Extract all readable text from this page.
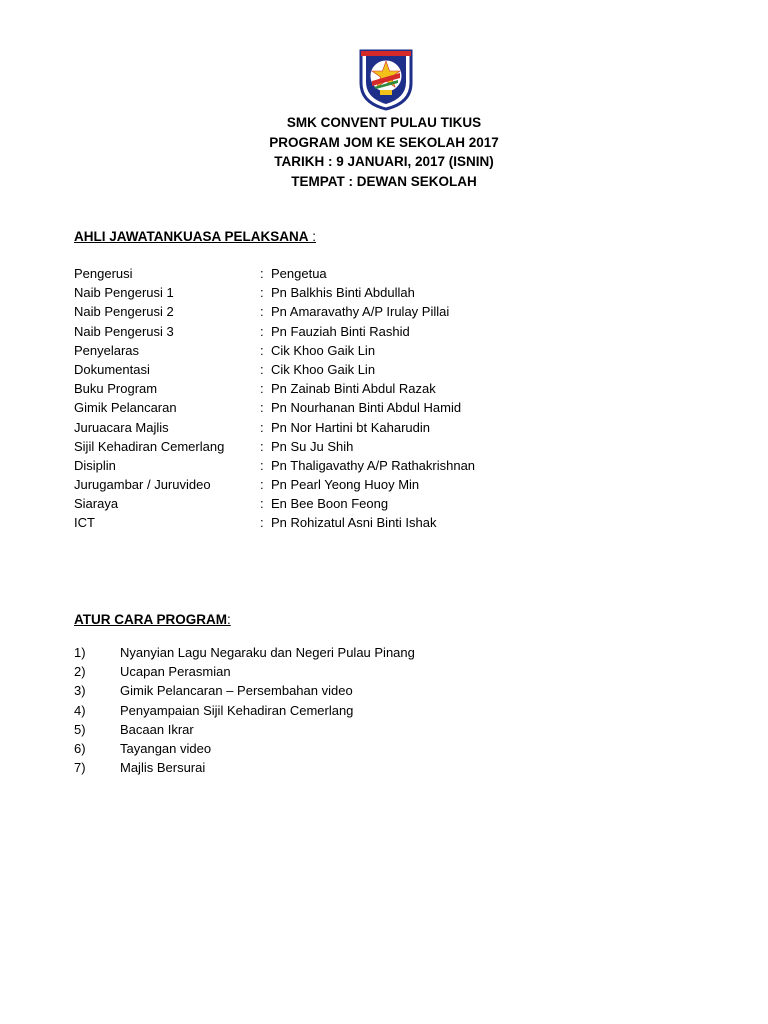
SMK CONVENT PULAU TIKUS
PROGRAM JOM KE SEKOLAH 2017
TARIKH : 9 JANUARI, 2017 (ISNIN)
TEMPAT : DEWAN SEKOLAH
AHLI JAWATANKUASA PELAKSANA :
Pengerusi	: Pengetua
Naib Pengerusi 1	: Pn Balkhis Binti Abdullah
Naib Pengerusi 2	: Pn Amaravathy A/P Irulay Pillai
Naib Pengerusi 3	: Pn Fauziah Binti Rashid
Penyelaras	: Cik Khoo Gaik Lin
Dokumentasi	: Cik Khoo Gaik Lin
Buku Program	: Pn Zainab Binti Abdul Razak
Gimik Pelancaran	: Pn Nourhanan Binti Abdul Hamid
Juruacara Majlis	: Pn Nor Hartini bt Kaharudin
Sijil Kehadiran Cemerlang	: Pn Su Ju Shih
Disiplin	: Pn Thaligavathy A/P Rathakrishnan
Jurugambar / Juruvideo	: Pn Pearl Yeong Huoy Min
Siaraya	: En Bee Boon Feong
ICT	: Pn Rohizatul Asni Binti Ishak
ATUR CARA PROGRAM:
1)	Nyanyian Lagu Negaraku dan Negeri Pulau Pinang
2)	Ucapan Perasmian
3)	Gimik Pelancaran – Persembahan video
4)	Penyampaian Sijil Kehadiran Cemerlang
5)	Bacaan Ikrar
6)	Tayangan video
7)	Majlis Bersurai
